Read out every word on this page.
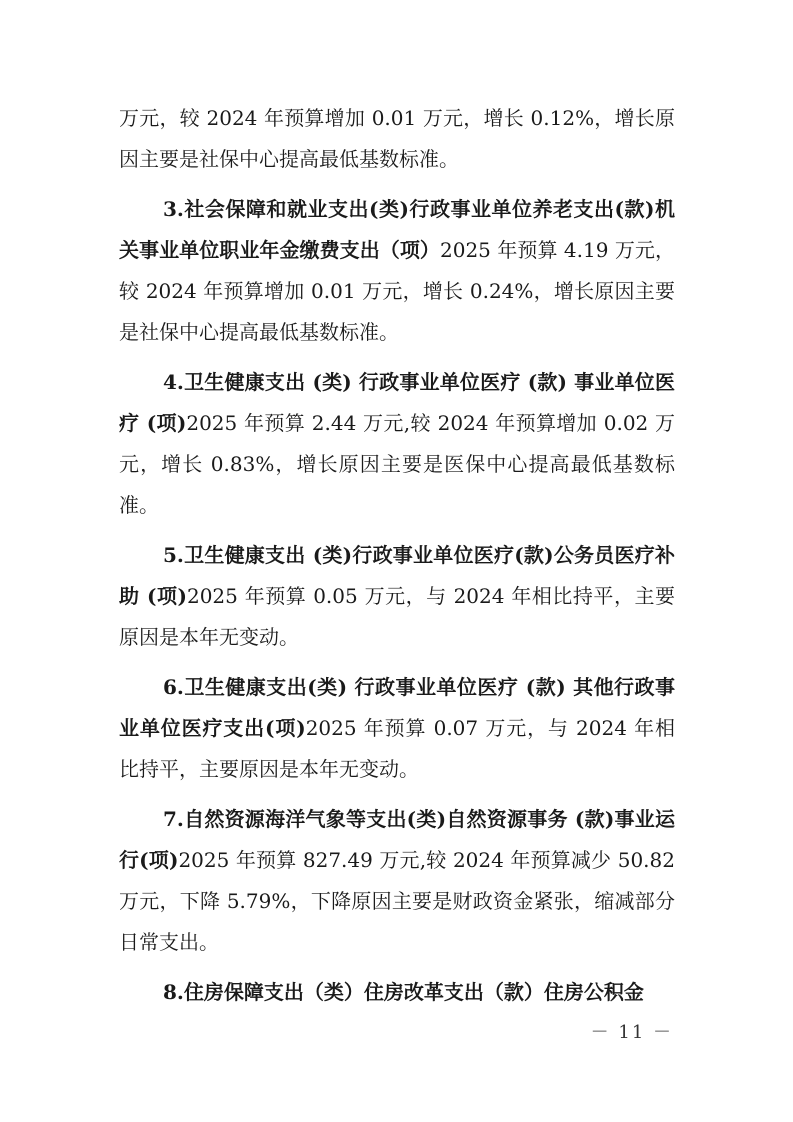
万元，较 2024 年预算增加 0.01 万元，增长 0.12%，增长原因主要是社保中心提高最低基数标准。

3.社会保障和就业支出(类)行政事业单位养老支出(款)机关事业单位职业年金缴费支出（项）2025 年预算 4.19 万元，较 2024 年预算增加 0.01 万元，增长 0.24%，增长原因主要是社保中心提高最低基数标准。

4.卫生健康支出 (类) 行政事业单位医疗 (款) 事业单位医疗 (项)2025 年预算 2.44 万元,较 2024 年预算增加 0.02 万元，增长 0.83%，增长原因主要是医保中心提高最低基数标准。

5.卫生健康支出 (类)行政事业单位医疗(款)公务员医疗补助 (项)2025 年预算 0.05 万元，与 2024 年相比持平，主要原因是本年无变动。

6.卫生健康支出(类) 行政事业单位医疗 (款) 其他行政事业单位医疗支出(项)2025 年预算 0.07 万元，与 2024 年相比持平，主要原因是本年无变动。

7.自然资源海洋气象等支出(类)自然资源事务 (款)事业运行(项)2025 年预算 827.49 万元,较 2024 年预算减少 50.82 万元，下降 5.79%，下降原因主要是财政资金紧张，缩减部分日常支出。

8.住房保障支出（类）住房改革支出（款）住房公积金

－ 11 －
